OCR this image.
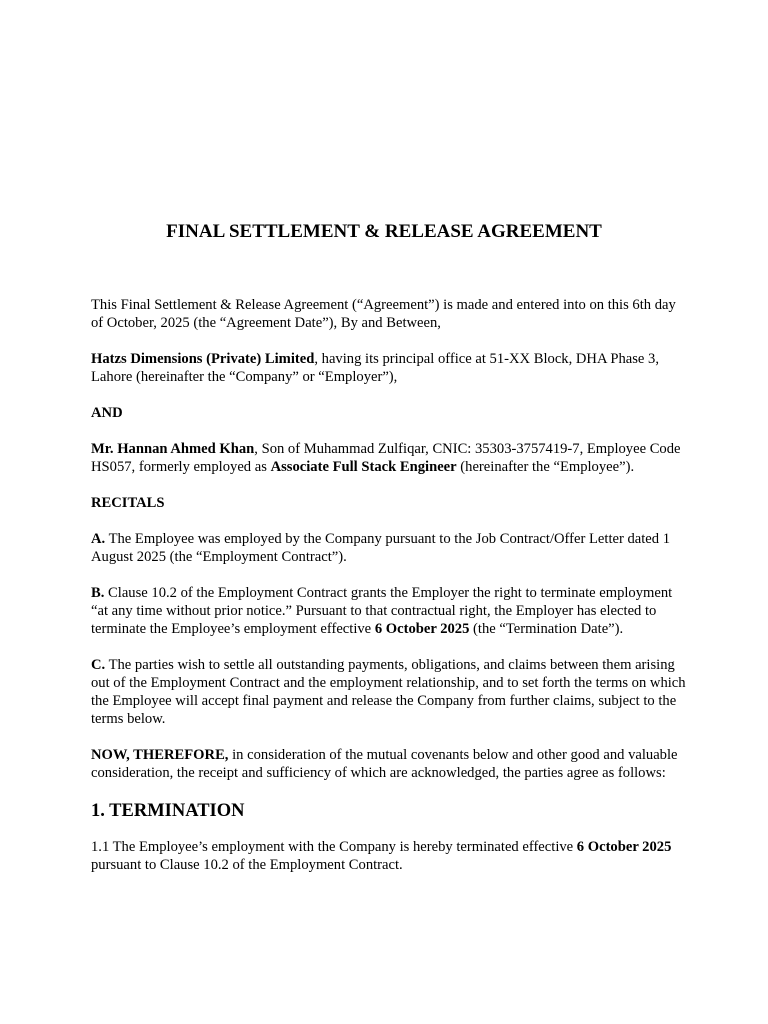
FINAL SETTLEMENT & RELEASE AGREEMENT

This Final Settlement & Release Agreement (“Agreement”) is made and entered into on this 6th day of October, 2025 (the “Agreement Date”), By and Between,

Hatzs Dimensions (Private) Limited, having its principal office at 51-XX Block, DHA Phase 3, Lahore (hereinafter the “Company” or “Employer”),

AND

Mr. Hannan Ahmed Khan, Son of Muhammad Zulfiqar, CNIC: 35303-3757419-7, Employee Code HS057, formerly employed as Associate Full Stack Engineer (hereinafter the “Employee”).

RECITALS

A. The Employee was employed by the Company pursuant to the Job Contract/Offer Letter dated 1 August 2025 (the “Employment Contract”).

B. Clause 10.2 of the Employment Contract grants the Employer the right to terminate employment “at any time without prior notice.” Pursuant to that contractual right, the Employer has elected to terminate the Employee’s employment effective 6 October 2025 (the “Termination Date”).

C. The parties wish to settle all outstanding payments, obligations, and claims between them arising out of the Employment Contract and the employment relationship, and to set forth the terms on which the Employee will accept final payment and release the Company from further claims, subject to the terms below.

NOW, THEREFORE, in consideration of the mutual covenants below and other good and valuable consideration, the receipt and sufficiency of which are acknowledged, the parties agree as follows:

1. TERMINATION

1.1 The Employee’s employment with the Company is hereby terminated effective 6 October 2025 pursuant to Clause 10.2 of the Employment Contract.
